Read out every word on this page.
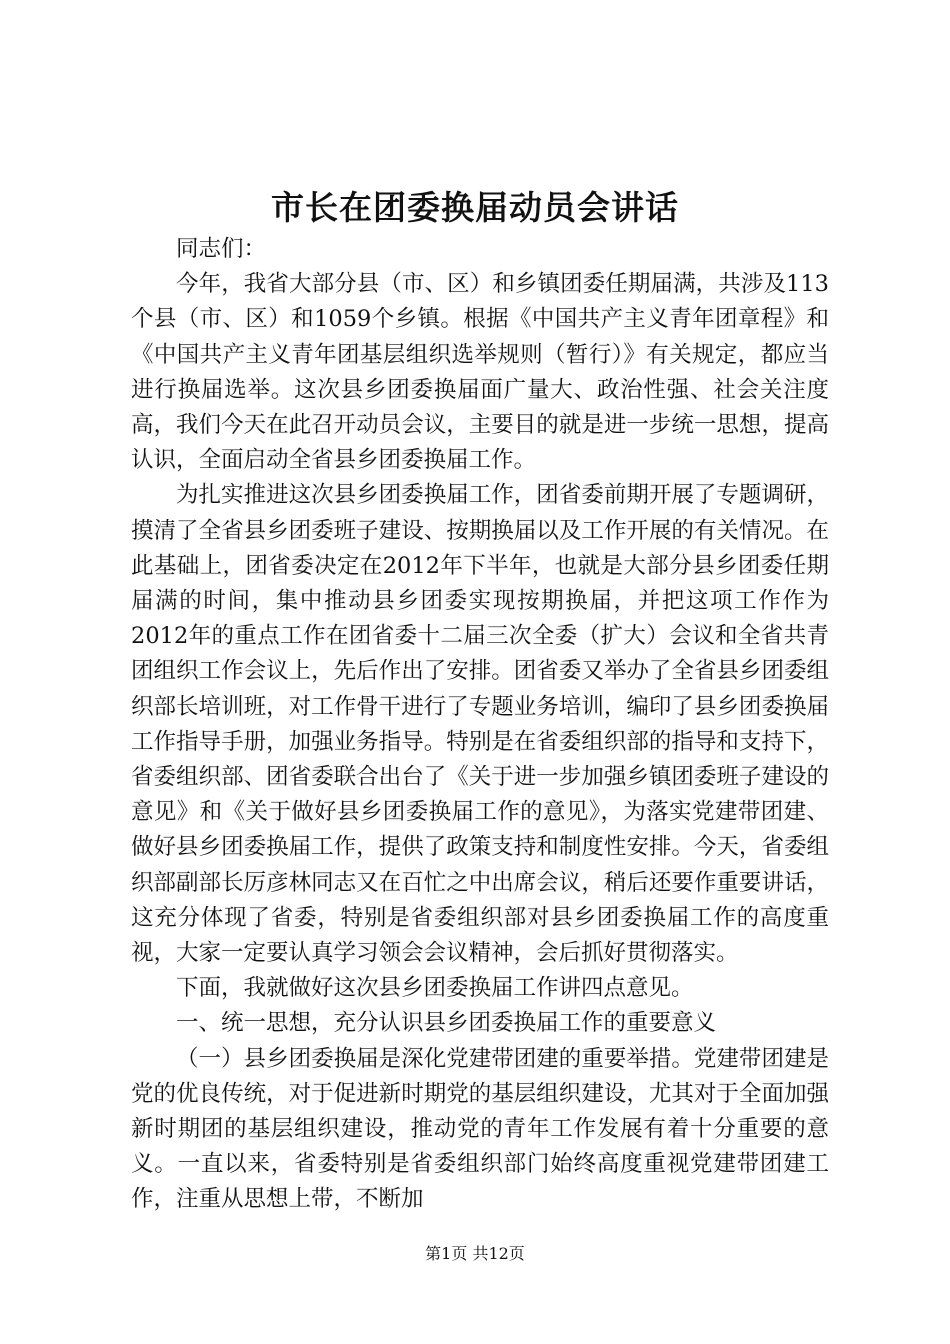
市长在团委换届动员会讲话

同志们：

今年，我省大部分县（市、区）和乡镇团委任期届满，共涉及113个县（市、区）和1059个乡镇。根据《中国共产主义青年团章程》和《中国共产主义青年团基层组织选举规则（暂行）》有关规定，都应当进行换届选举。这次县乡团委换届面广量大、政治性强、社会关注度高，我们今天在此召开动员会议，主要目的就是进一步统一思想，提高认识，全面启动全省县乡团委换届工作。

为扎实推进这次县乡团委换届工作，团省委前期开展了专题调研，摸清了全省县乡团委班子建设、按期换届以及工作开展的有关情况。在此基础上，团省委决定在2012年下半年，也就是大部分县乡团委任期届满的时间，集中推动县乡团委实现按期换届，并把这项工作作为2012年的重点工作在团省委十二届三次全委（扩大）会议和全省共青团组织工作会议上，先后作出了安排。团省委又举办了全省县乡团委组织部长培训班，对工作骨干进行了专题业务培训，编印了县乡团委换届工作指导手册，加强业务指导。特别是在省委组织部的指导和支持下，省委组织部、团省委联合出台了《关于进一步加强乡镇团委班子建设的意见》和《关于做好县乡团委换届工作的意见》，为落实党建带团建、做好县乡团委换届工作，提供了政策支持和制度性安排。今天，省委组织部副部长厉彦林同志又在百忙之中出席会议，稍后还要作重要讲话，这充分体现了省委，特别是省委组织部对县乡团委换届工作的高度重视，大家一定要认真学习领会会议精神，会后抓好贯彻落实。

下面，我就做好这次县乡团委换届工作讲四点意见。

一、统一思想，充分认识县乡团委换届工作的重要意义

（一）县乡团委换届是深化党建带团建的重要举措。党建带团建是党的优良传统，对于促进新时期党的基层组织建设，尤其对于全面加强新时期团的基层组织建设，推动党的青年工作发展有着十分重要的意义。一直以来，省委特别是省委组织部门始终高度重视党建带团建工作，注重从思想上带，不断加

第1页 共12页
